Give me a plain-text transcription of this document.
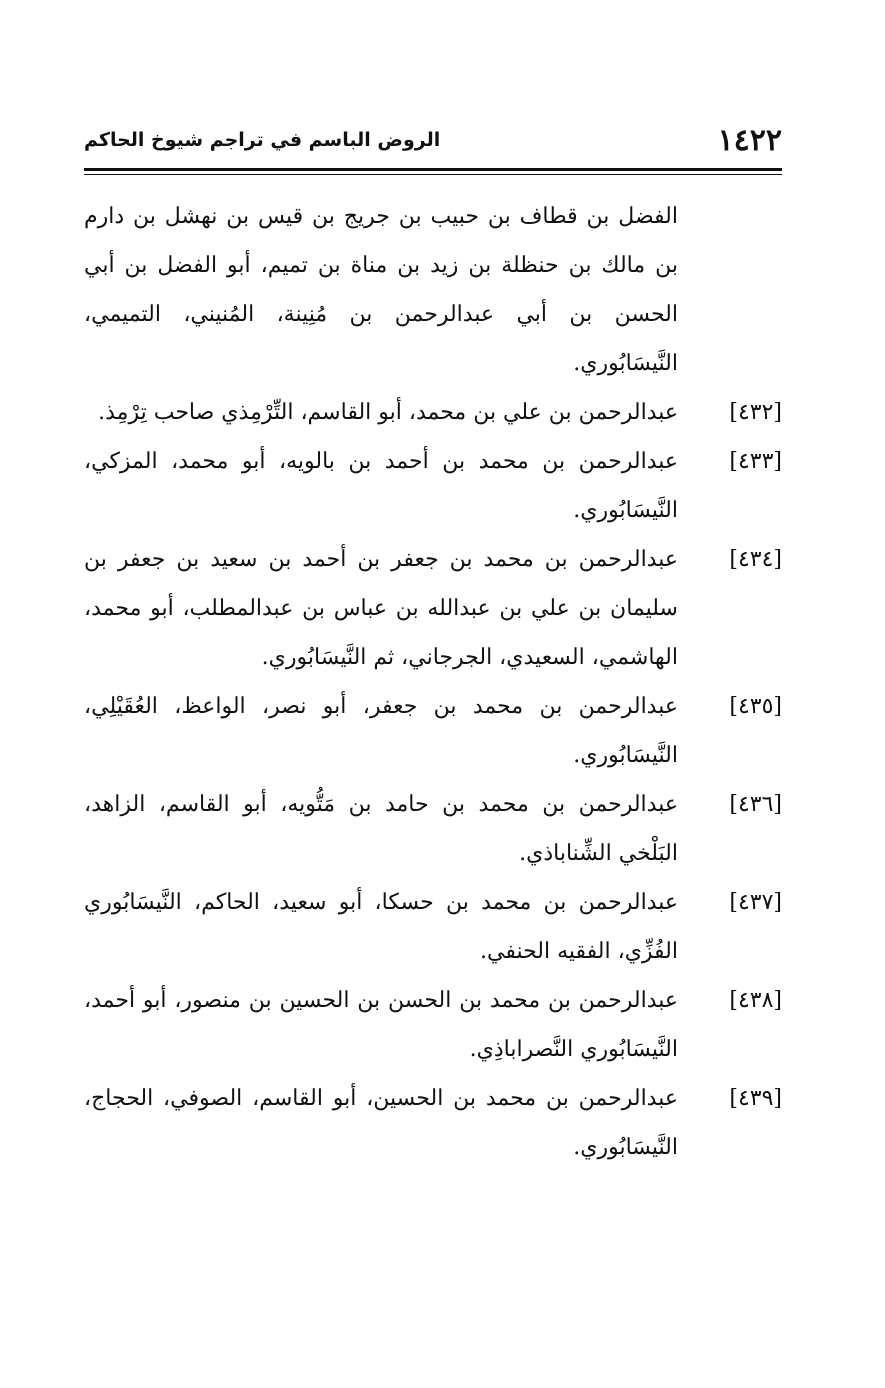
١٤٢٢
الروض الباسم في تراجم شيوخ الحاكم

الفضل بن قطاف بن حبيب بن جريج بن قيس بن نهشل بن دارم بن مالك بن حنظلة بن زيد بن مناة بن تميم، أبو الفضل بن أبي الحسن بن أبي عبدالرحمن بن مُنِينة، المُنيني، التميمي، النَّيسَابُوري.

[٤٣٢]
عبدالرحمن بن علي بن محمد، أبو القاسم، التِّرْمِذي صاحب تِرْمِذ.
[٤٣٣]
عبدالرحمن بن محمد بن أحمد بن بالويه، أبو محمد، المزكي، النَّيسَابُوري.
[٤٣٤]
عبدالرحمن بن محمد بن جعفر بن أحمد بن سعيد بن جعفر بن سليمان بن علي بن عبدالله بن عباس بن عبدالمطلب، أبو محمد، الهاشمي، السعيدي، الجرجاني، ثم النَّيسَابُوري.
[٤٣٥]
عبدالرحمن بن محمد بن جعفر، أبو نصر، الواعظ، العُقَيْلِي، النَّيسَابُوري.
[٤٣٦]
عبدالرحمن بن محمد بن حامد بن مَتُّويه، أبو القاسم، الزاهد، البَلْخي الشِّناباذي.
[٤٣٧]
عبدالرحمن بن محمد بن حسكا، أبو سعيد، الحاكم، النَّيسَابُوري الفُزِّي، الفقيه الحنفي.
[٤٣٨]
عبدالرحمن بن محمد بن الحسن بن الحسين بن منصور، أبو أحمد، النَّيسَابُوري النَّصراباذِي.
[٤٣٩]
عبدالرحمن بن محمد بن الحسين، أبو القاسم، الصوفي، الحجاج، النَّيسَابُوري.
